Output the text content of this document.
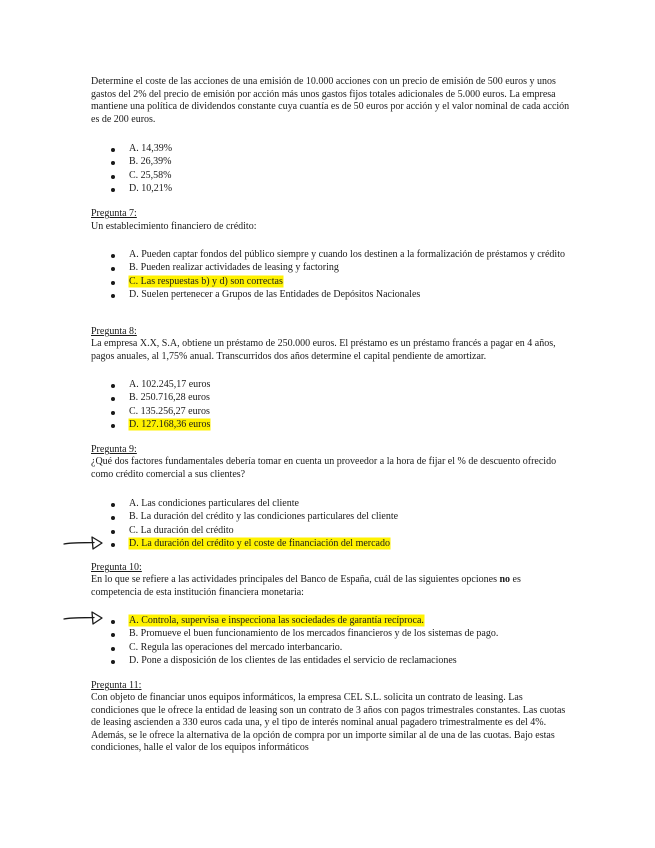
Determine el coste de las acciones de una emisión de 10.000 acciones con un precio de emisión de 500 euros y unos gastos del 2% del precio de emisión por acción más unos gastos fijos totales adicionales de 5.000 euros. La empresa mantiene una política de dividendos constante cuya cuantía es de 50 euros por acción y el valor nominal de cada acción es de 200 euros.

A. 14,39%
B. 26,39%
C. 25,58%
D. 10,21%

Pregunta 7:

Un establecimiento financiero de crédito:

A. Pueden captar fondos del público siempre y cuando los destinen a la formalización de préstamos y crédito
B. Pueden realizar actividades de leasing y factoring
C. Las respuestas b) y d) son correctas
D. Suelen pertenecer a Grupos de las Entidades de Depósitos Nacionales

Pregunta 8:

La empresa X.X, S.A, obtiene un préstamo de 250.000 euros. El préstamo es un préstamo francés a pagar en 4 años, pagos anuales, al 1,75% anual. Transcurridos dos años determine el capital pendiente de amortizar.

A. 102.245,17 euros
B. 250.716,28 euros
C. 135.256,27 euros
D. 127.168,36 euros

Pregunta 9:

¿Qué dos factores fundamentales debería tomar en cuenta un proveedor a la hora de fijar el % de descuento ofrecido como crédito comercial a sus clientes?

A. Las condiciones particulares del cliente
B. La duración del crédito y las condiciones particulares del cliente
C. La duración del crédito
D. La duración del crédito y el coste de financiación del mercado

Pregunta 10:

En lo que se refiere a las actividades principales del Banco de España, cuál de las siguientes opciones no es competencia de esta institución financiera monetaria:

A. Controla, supervisa e inspecciona las sociedades de garantía recíproca.
B. Promueve el buen funcionamiento de los mercados financieros y de los sistemas de pago.
C. Regula las operaciones del mercado interbancario.
D. Pone a disposición de los clientes de las entidades el servicio de reclamaciones

Pregunta 11:

Con objeto de financiar unos equipos informáticos, la empresa CEL S.L. solicita un contrato de leasing. Las condiciones que le ofrece la entidad de leasing son un contrato de 3 años con pagos trimestrales constantes. Las cuotas de leasing ascienden a 330 euros cada una, y el tipo de interés nominal anual pagadero trimestralmente es del 4%. Además, se le ofrece la alternativa de la opción de compra por un importe similar al de una de las cuotas. Bajo estas condiciones, halle el valor de los equipos informáticos
